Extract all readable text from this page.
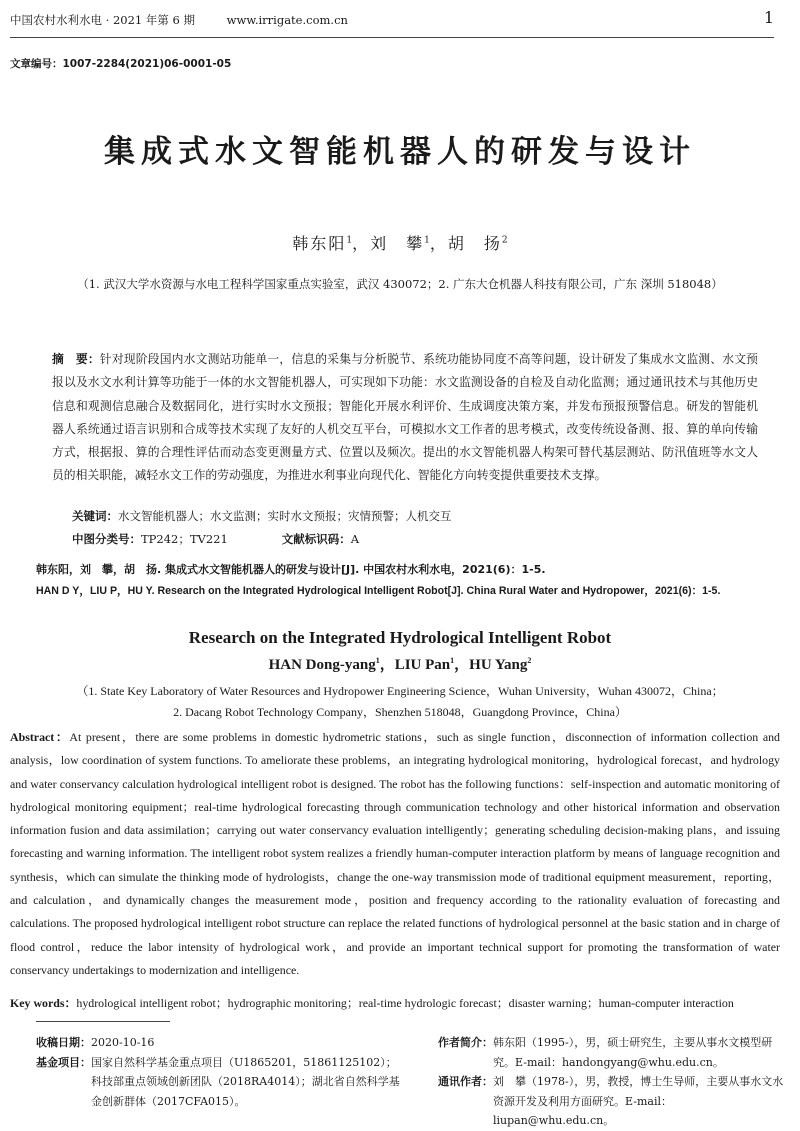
中国农村水利水电 · 2021 年第 6 期	www.irrigate.com.cn	1
文章编号：1007-2284(2021)06-0001-05
集成式水文智能机器人的研发与设计
韩东阳$^1$，刘　攀$^1$，胡　扬$^2$
（1. 武汉大学水资源与水电工程科学国家重点实验室，武汉 430072；2. 广东大仓机器人科技有限公司，广东 深圳 518048）
摘　要：针对现阶段国内水文测站功能单一，信息的采集与分析脱节、系统功能协同度不高等问题，设计研发了集成水文监测、水文预报以及水文水利计算等功能于一体的水文智能机器人，可实现如下功能：水文监测设备的自检及自动化监测；通过通讯技术与其他历史信息和观测信息融合及数据同化，进行实时水文预报；智能化开展水利评价、生成调度决策方案，并发布预报预警信息。研发的智能机器人系统通过语言识别和合成等技术实现了友好的人机交互平台，可模拟水文工作者的思考模式，改变传统设备测、报、算的单向传输方式，根据报、算的合理性评估而动态变更测量方式、位置以及频次。提出的水文智能机器人构架可替代基层测站、防汛值班等水文人员的相关职能，减轻水文工作的劳动强度，为推进水利事业向现代化、智能化方向转变提供重要技术支撑。
关键词：水文智能机器人；水文监测；实时水文预报；灾情预警；人机交互
中图分类号：TP242；TV221	文献标识码：A
韩东阳，刘　攀，胡　扬. 集成式水文智能机器人的研发与设计[J]. 中国农村水利水电，2021(6)：1-5.
HAN D Y，LIU P，HU Y. Research on the Integrated Hydrological Intelligent Robot[J]. China Rural Water and Hydropower，2021(6)：1-5.
Research on the Integrated Hydrological Intelligent Robot
HAN Dong-yang$^1$，LIU Pan$^1$，HU Yang$^2$
（1. State Key Laboratory of Water Resources and Hydropower Engineering Science，Wuhan University，Wuhan 430072，China；
2. Dacang Robot Technology Company，Shenzhen 518048，Guangdong Province，China）
Abstract：At present，there are some problems in domestic hydrometric stations，such as single function，disconnection of information collection and analysis，low coordination of system functions. To ameliorate these problems，an integrating hydrological monitoring，hydrological forecast，and hydrology and water conservancy calculation hydrological intelligent robot is designed. The robot has the following functions：self-inspection and automatic monitoring of hydrological monitoring equipment；real-time hydrological forecasting through communication technology and other historical information and observation information fusion and data assimilation；carrying out water conservancy evaluation intelligently；generating scheduling decision-making plans，and issuing forecasting and warning information. The intelligent robot system realizes a friendly human-computer interaction platform by means of language recognition and synthesis，which can simulate the thinking mode of hydrologists，change the one-way transmission mode of traditional equipment measurement，reporting，and calculation，and dynamically changes the measurement mode，position and frequency according to the rationality evaluation of forecasting and calculations. The proposed hydrological intelligent robot structure can replace the related functions of hydrological personnel at the basic station and in charge of flood control，reduce the labor intensity of hydrological work，and provide an important technical support for promoting the transformation of water conservancy undertakings to modernization and intelligence.
Key words：hydrological intelligent robot；hydrographic monitoring；real-time hydrologic forecast；disaster warning；human-computer interaction
收稿日期： 2020-10-16
基金项目： 国家自然科学基金重点项目（U1865201，51861125102）；科技部重点领域创新团队（2018RA4014）；湖北省自然科学基金创新群体（2017CFA015）。
作者简介： 韩东阳（1995-），男，硕士研究生，主要从事水文模型研究。E-mail：handongyang@whu.edu.cn。
通讯作者： 刘　攀（1978-），男，教授，博士生导师，主要从事水文水资源开发及利用方面研究。E-mail：liupan@whu.edu.cn。
